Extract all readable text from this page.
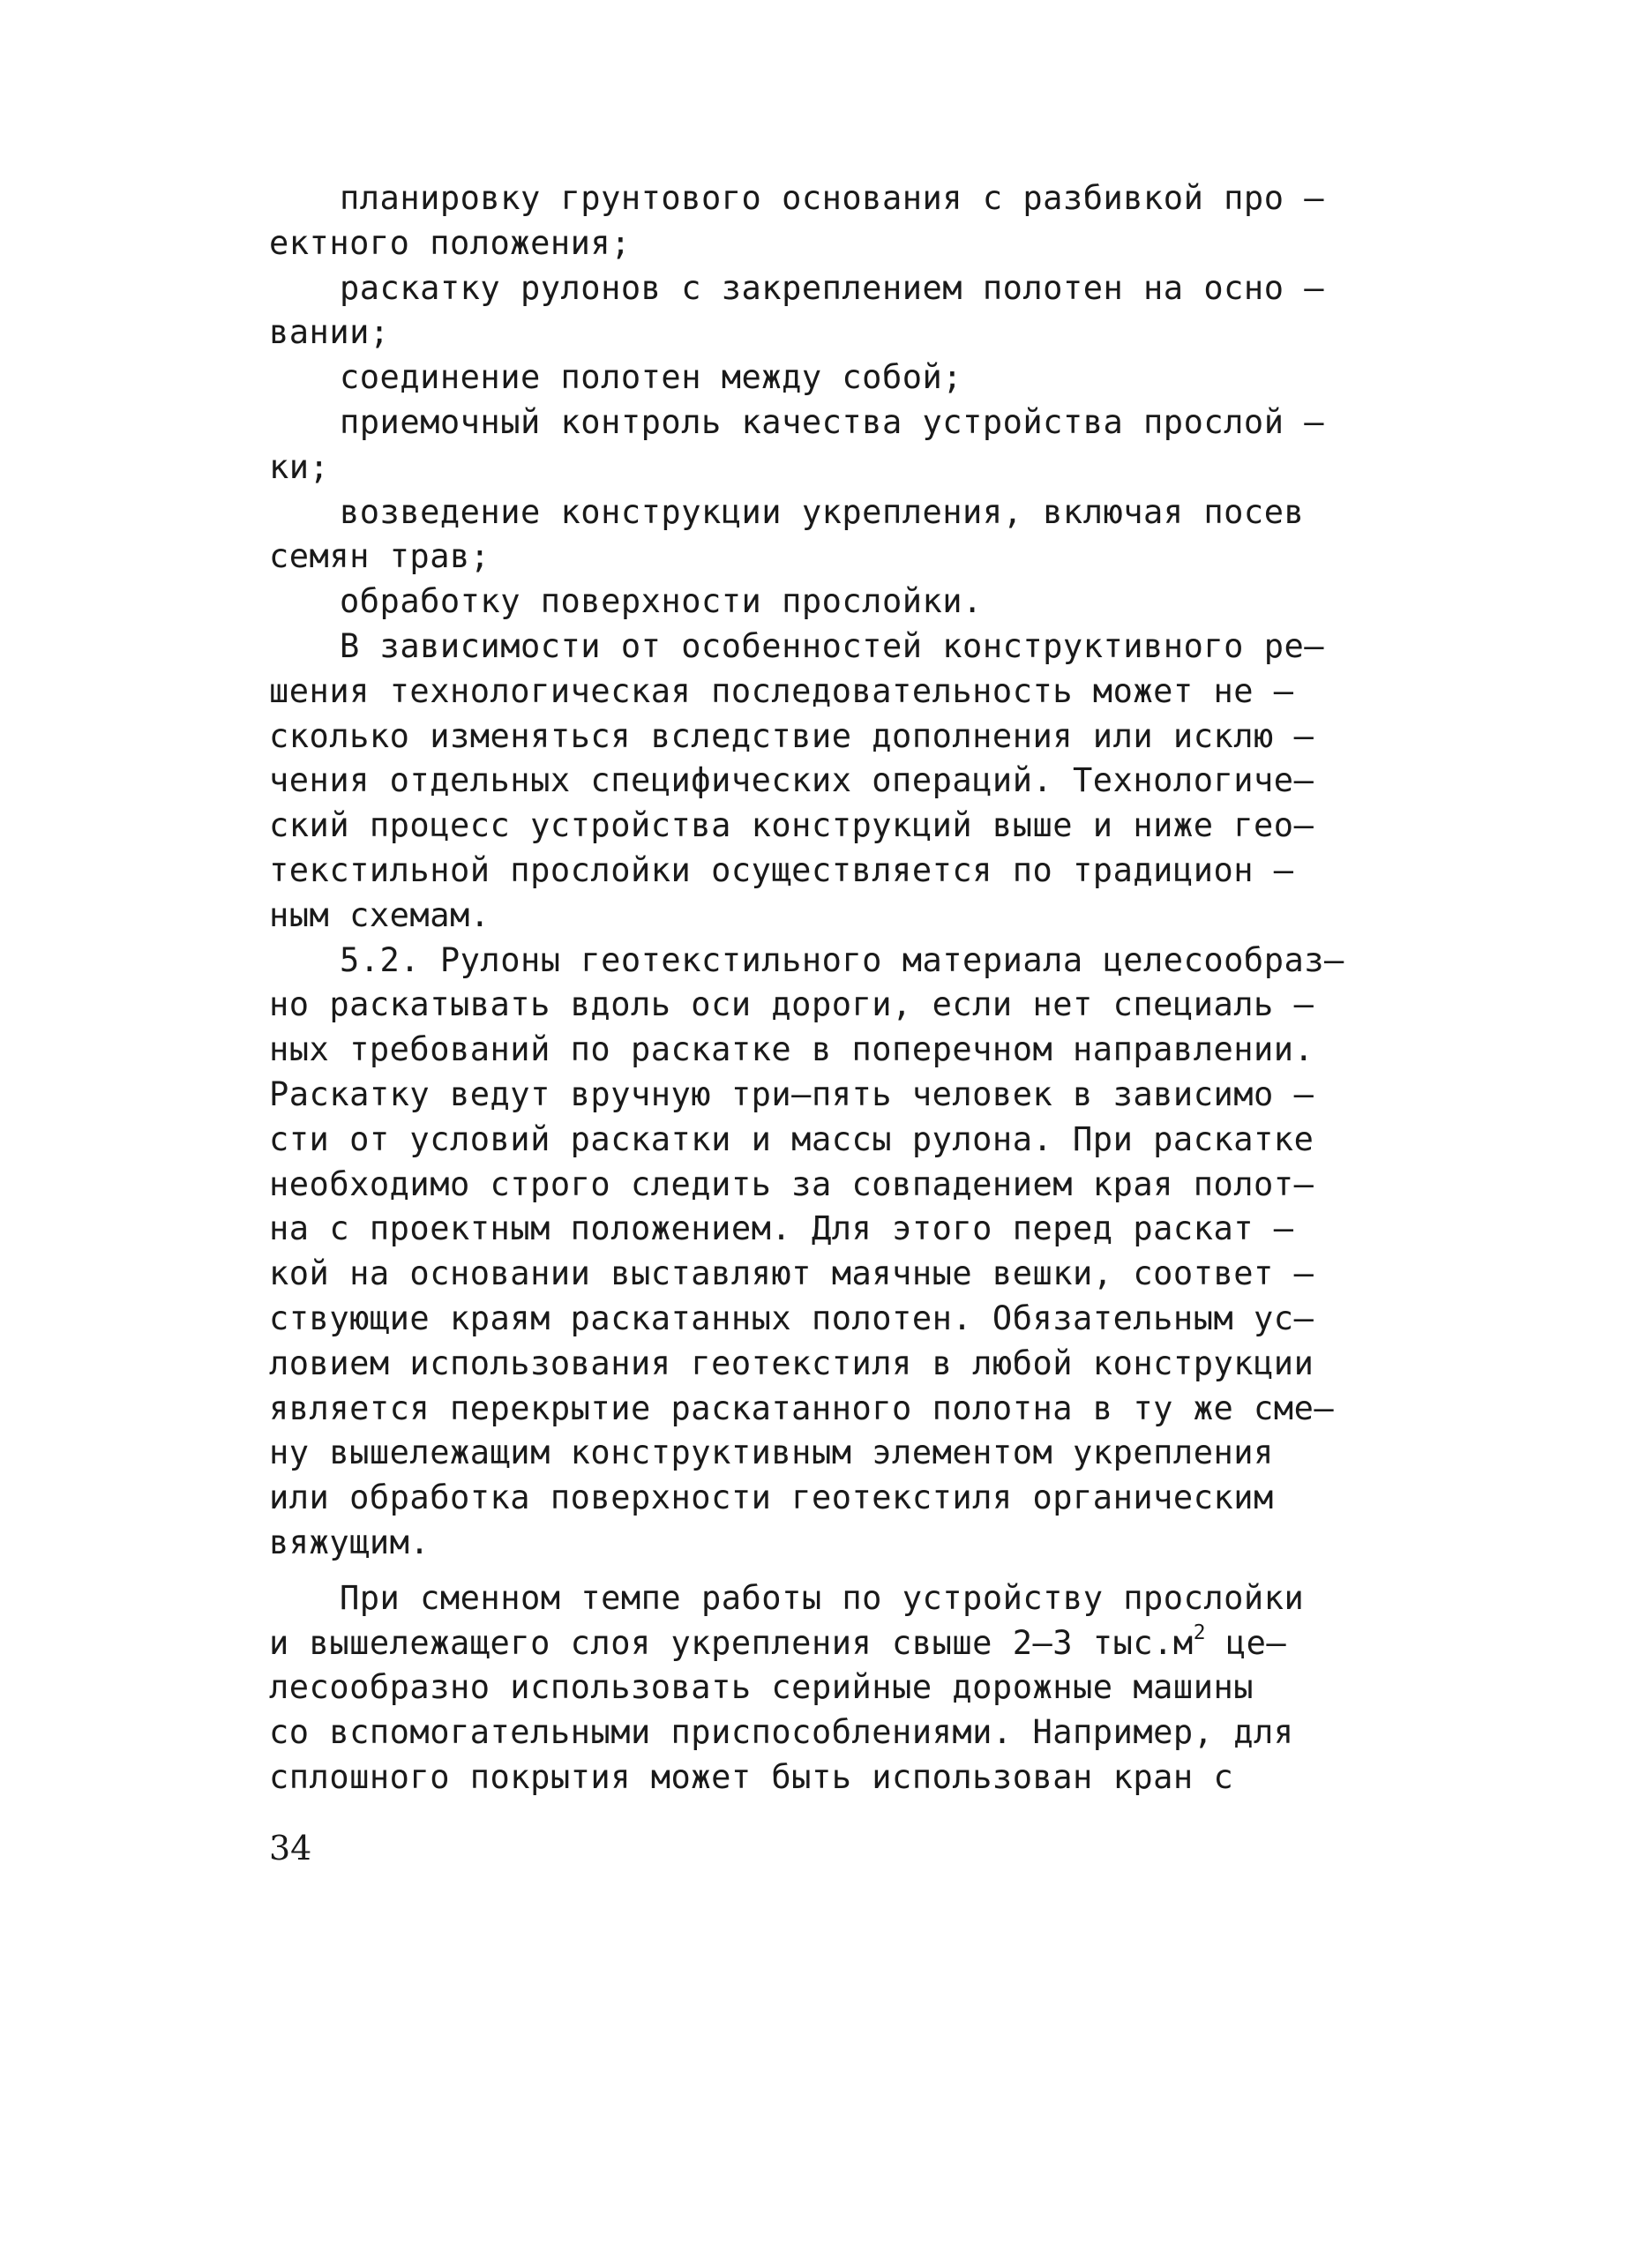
планировку грунтового основания с разбивкой про –
ектного положения;
раскатку рулонов с закреплением полотен на осно –
вании;
соединение полотен между собой;
приемочный контроль качества устройства прослой –
ки;
возведение конструкции укрепления, включая посев
семян трав;
обработку поверхности прослойки.
В зависимости от особенностей конструктивного ре–
шения технологическая последовательность может не –
сколько изменяться вследствие дополнения или исклю –
чения отдельных специфических операций. Технологиче–
ский процесс устройства конструкций выше и ниже гео–
текстильной прослойки осуществляется по традицион –
ным схемам.
5.2. Рулоны геотекстильного материала целесообраз–
но раскатывать вдоль оси дороги, если нет специаль –
ных требований по раскатке в поперечном направлении.
Раскатку ведут вручную три–пять человек в зависимо –
сти от условий раскатки и массы рулона. При раскатке
необходимо строго следить за совпадением края полот–
на с проектным положением. Для этого перед раскат –
кой на основании выставляют маячные вешки, соответ –
ствующие краям раскатанных полотен. Обязательным ус–
ловием использования геотекстиля в любой конструкции
является перекрытие раскатанного полотна в ту же сме–
ну вышележащим конструктивным элементом укрепления
или обработка поверхности геотекстиля органическим
вяжущим.
При сменном темпе работы по устройству прослойки
и вышележащего слоя укрепления свыше 2–3 $тыс.м^2$ це–
лесообразно использовать серийные дорожные машины
со вспомогательными приспособлениями. Например, для
сплошного покрытия может быть использован кран с
34
